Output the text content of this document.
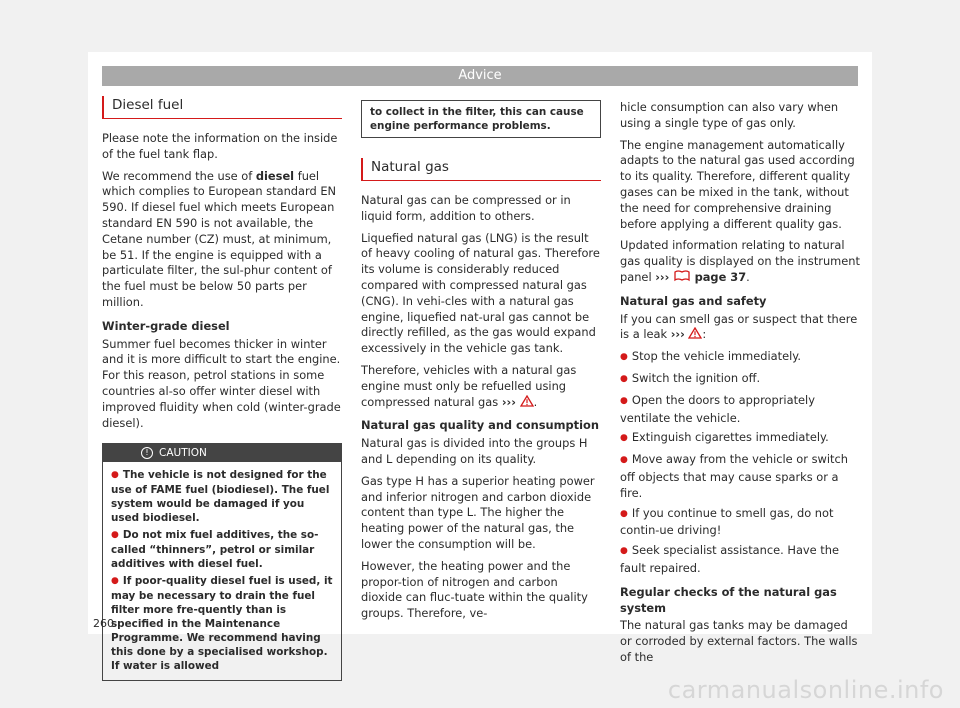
Advice
Diesel fuel

Please note the information on the inside of the fuel tank flap.

We recommend the use of diesel fuel which complies to European standard EN 590. If diesel fuel which meets European standard EN 590 is not available, the Cetane number (CZ) must, at minimum, be 51. If the engine is equipped with a particulate filter, the sul-phur content of the fuel must be below 50 parts per million.

Winter-grade diesel

Summer fuel becomes thicker in winter and it is more difficult to start the engine. For this reason, petrol stations in some countries al-so offer winter diesel with improved fluidity when cold (winter-grade diesel).

! CAUTION
● The vehicle is not designed for the use of FAME fuel (biodiesel). The fuel system would be damaged if you used biodiesel.
● Do not mix fuel additives, the so-called “thinners”, petrol or similar additives with diesel fuel.
● If poor-quality diesel fuel is used, it may be necessary to drain the fuel filter more fre-quently than is specified in the Maintenance Programme. We recommend having this done by a specialised workshop. If water is allowed
to collect in the filter, this can cause engine performance problems.
Natural gas

Natural gas can be compressed or in liquid form, addition to others.

Liquefied natural gas (LNG) is the result of heavy cooling of natural gas. Therefore its volume is considerably reduced compared with compressed natural gas (CNG). In vehi-cles with a natural gas engine, liquefied nat-ural gas cannot be directly refilled, as the gas would expand excessively in the vehicle gas tank.

Therefore, vehicles with a natural gas engine must only be refuelled using compressed natural gas ››› .

Natural gas quality and consumption

Natural gas is divided into the groups H and L depending on its quality.

Gas type H has a superior heating power and inferior nitrogen and carbon dioxide content than type L. The higher the heating power of the natural gas, the lower the consumption will be.

However, the heating power and the propor-tion of nitrogen and carbon dioxide can fluc-tuate within the quality groups. Therefore, ve-

hicle consumption can also vary when using a single type of gas only.

The engine management automatically adapts to the natural gas used according to its quality. Therefore, different quality gases can be mixed in the tank, without the need for comprehensive draining before applying a different quality gas.

Updated information relating to natural gas quality is displayed on the instrument panel ››› page 37.

Natural gas and safety

If you can smell gas or suspect that there is a leak ››› :

● Stop the vehicle immediately.
● Switch the ignition off.
● Open the doors to appropriately ventilate the vehicle.
● Extinguish cigarettes immediately.
● Move away from the vehicle or switch off objects that may cause sparks or a fire.
● If you continue to smell gas, do not contin-ue driving!
● Seek specialist assistance. Have the fault repaired.
Regular checks of the natural gas system

The natural gas tanks may be damaged or corroded by external factors. The walls of the

260
carmanualsonline.info
